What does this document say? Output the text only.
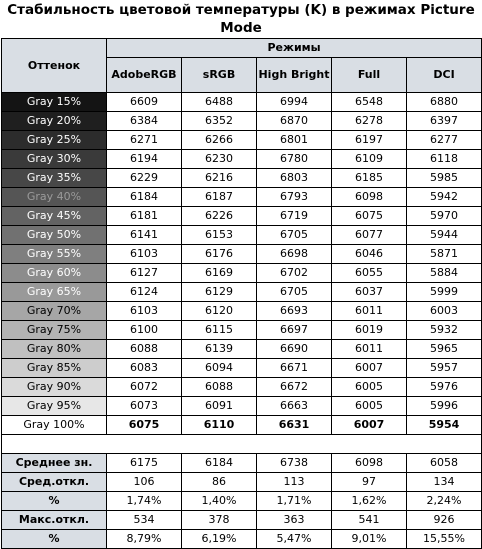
Стабильность цветовой температуры (K) в режимах Picture Mode
Оттенок	Режимы				
	AdobeRGB	sRGB	High Bright	Full	DCI
Gray 15%	6609	6488	6994	6548	6880
Gray 20%	6384	6352	6870	6278	6397
Gray 25%	6271	6266	6801	6197	6277
Gray 30%	6194	6230	6780	6109	6118
Gray 35%	6229	6216	6803	6185	5985
Gray 40%	6184	6187	6793	6098	5942
Gray 45%	6181	6226	6719	6075	5970
Gray 50%	6141	6153	6705	6077	5944
Gray 55%	6103	6176	6698	6046	5871
Gray 60%	6127	6169	6702	6055	5884
Gray 65%	6124	6129	6705	6037	5999
Gray 70%	6103	6120	6693	6011	6003
Gray 75%	6100	6115	6697	6019	5932
Gray 80%	6088	6139	6690	6011	5965
Gray 85%	6083	6094	6671	6007	5957
Gray 90%	6072	6088	6672	6005	5976
Gray 95%	6073	6091	6663	6005	5996
Gray 100%	6075	6110	6631	6007	5954

Среднее зн.	6175	6184	6738	6098	6058
Сред.откл.	106	86	113	97	134
%	1,74%	1,40%	1,71%	1,62%	2,24%
Макс.откл.	534	378	363	541	926
%	8,79%	6,19%	5,47%	9,01%	15,55%
